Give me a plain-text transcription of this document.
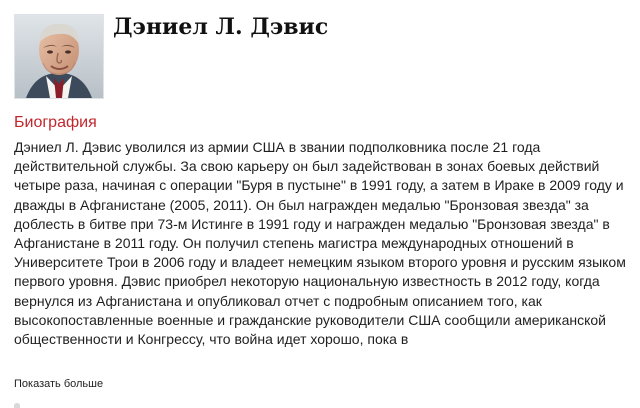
Дэниел Л. Дэвис
Биография

Дэниел Л. Дэвис уволился из армии США в звании подполковника после 21 года действительной службы. За свою карьеру он был задействован в зонах боевых действий четыре раза, начиная с операции "Буря в пустыне" в 1991 году, а затем в Ираке в 2009 году и дважды в Афганистане (2005, 2011). Он был награжден медалью "Бронзовая звезда" за доблесть в битве при 73-м Истинге в 1991 году и награжден медалью "Бронзовая звезда" в Афганистане в 2011 году. Он получил степень магистра международных отношений в Университете Трои в 2006 году и владеет немецким языком второго уровня и русским языком первого уровня. Дэвис приобрел некоторую национальную известность в 2012 году, когда вернулся из Афганистана и опубликовал отчет с подробным описанием того, как высокопоставленные военные и гражданские руководители США сообщили американской общественности и Конгрессу, что война идет хорошо, пока в

Показать больше
